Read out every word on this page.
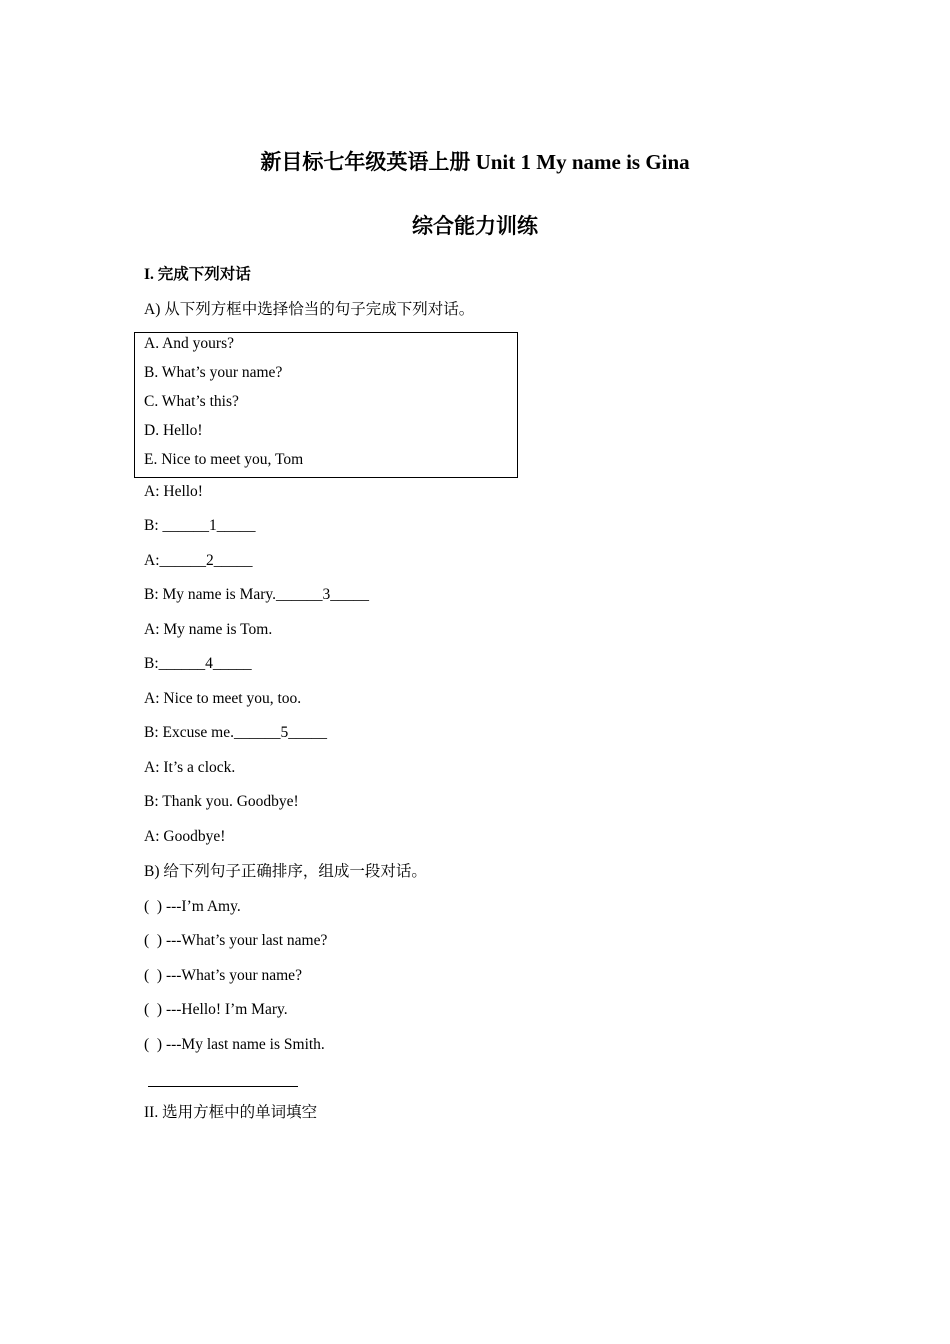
新目标七年级英语上册 Unit 1 My name is Gina
综合能力训练
I. 完成下列对话
A) 从下列方框中选择恰当的句子完成下列对话。
A. And yours?
B. What’s your name?
C. What’s this?
D. Hello!
E. Nice to meet you, Tom
A: Hello!
B: ______1_____
A:______2_____
B: My name is Mary.______3_____
A: My name is Tom.
B:______4_____
A: Nice to meet you, too.
B: Excuse me.______5_____
A: It’s a clock.
B: Thank you. Goodbye!
A: Goodbye!
B) 给下列句子正确排序，组成一段对话。
(  ) ---I’m Amy.
(  ) ---What’s your last name?
(  ) ---What’s your name?
(  ) ---Hello! I’m Mary.
(  ) ---My last name is Smith.
II. 选用方框中的单词填空
